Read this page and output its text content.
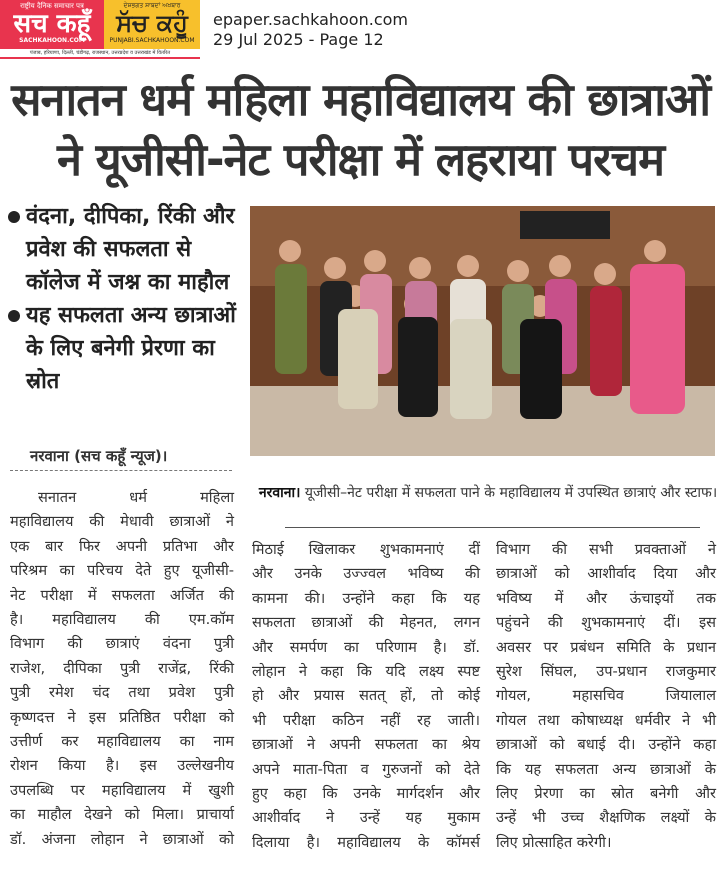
राष्ट्रीय दैनिक समाचार पत्र
सच कहूँ
SACHKAHOON.COM
ਦੇਸ਼ਭਗਤ ਸ਼ਾਬਦਾਂ ਅਖ਼ਬਾਰ
ਸੱਚ ਕਹੂੰ
PUNJABI.SACHKAHOON.COM
पंजाब, हरियाणा, दिल्ली, चंडीगढ़, राजस्थान, उत्तरप्रदेश व उत्तराखंड में वितरित
epaper.sachkahoon.com
29 Jul 2025 - Page 12
सनातन धर्म महिला महाविद्यालय की छात्राओं
ने यूजीसी-नेट परीक्षा में लहराया परचम
वंदना, दीपिका, रिंकी और प्रवेश की सफलता से कॉलेज में जश्न का माहौल
यह सफलता अन्य छात्राओं के लिए बनेगी प्रेरणा का स्रोत
नरवाना (सच कहूँ न्यूज)।
नरवाना। यूजीसी–नेट परीक्षा में सफलता पाने के महाविद्यालय में उपस्थित छात्राएं और स्टाफ।
सनातन धर्म महिला
महाविद्यालय की मेधावी छात्राओं ने
एक बार फिर अपनी प्रतिभा और
परिश्रम का परिचय देते हुए यूजीसी-
नेट परीक्षा में सफलता अर्जित की
है। महाविद्यालय की एम.कॉम
विभाग की छात्राएं वंदना पुत्री
राजेश, दीपिका पुत्री राजेंद्र, रिंकी
पुत्री रमेश चंद तथा प्रवेश पुत्री
कृष्णदत्त ने इस प्रतिष्ठित परीक्षा को
उत्तीर्ण कर महाविद्यालय का नाम
रोशन किया है। इस उल्लेखनीय
उपलब्धि पर महाविद्यालय में खुशी
का माहौल देखने को मिला। प्राचार्या
डॉ. अंजना लोहान ने छात्राओं को
मिठाई खिलाकर शुभकामनाएं दीं
और उनके उज्ज्वल भविष्य की
कामना की। उन्होंने कहा कि यह
सफलता छात्राओं की मेहनत, लगन
और समर्पण का परिणाम है। डॉ.
लोहान ने कहा कि यदि लक्ष्य स्पष्ट
हो और प्रयास सतत् हों, तो कोई
भी परीक्षा कठिन नहीं रह जाती।
छात्राओं ने अपनी सफलता का श्रेय
अपने माता-पिता व गुरुजनों को देते
हुए कहा कि उनके मार्गदर्शन और
आशीर्वाद ने उन्हें यह मुकाम
दिलाया है। महाविद्यालय के कॉमर्स
विभाग की सभी प्रवक्ताओं ने
छात्राओं को आशीर्वाद दिया और
भविष्य में और ऊंचाइयों तक
पहुंचने की शुभकामनाएं दीं। इस
अवसर पर प्रबंधन समिति के प्रधान
सुरेश सिंघल, उप-प्रधान राजकुमार
गोयल, महासचिव जियालाल
गोयल तथा कोषाध्यक्ष धर्मवीर ने भी
छात्राओं को बधाई दी। उन्होंने कहा
कि यह सफलता अन्य छात्राओं के
लिए प्रेरणा का स्रोत बनेगी और
उन्हें भी उच्च शैक्षणिक लक्ष्यों के
लिए प्रोत्साहित करेगी।
